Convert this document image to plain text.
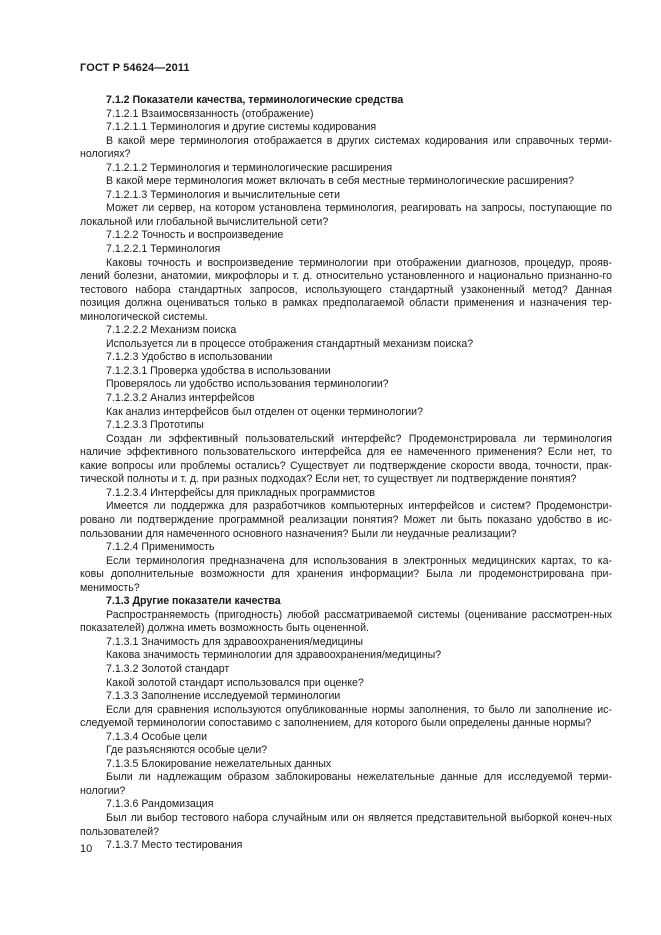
ГОСТ Р 54624—2011

7.1.2 Показатели качества, терминологические средства

7.1.2.1 Взаимосвязанность (отображение)

7.1.2.1.1 Терминология и другие системы кодирования

В какой мере терминология отображается в других системах кодирования или справочных терми-нологиях?

7.1.2.1.2 Терминология и терминологические расширения

В какой мере терминология может включать в себя местные терминологические расширения?

7.1.2.1.3 Терминология и вычислительные сети

Может ли сервер, на котором установлена терминология, реагировать на запросы, поступающие по локальной или глобальной вычислительной сети?

7.1.2.2 Точность и воспроизведение

7.1.2.2.1 Терминология

Каковы точность и воспроизведение терминологии при отображении диагнозов, процедур, прояв-лений болезни, анатомии, микрофлоры и т. д. относительно установленного и национально признанно-го тестового набора стандартных запросов, использующего стандартный узаконенный метод? Данная позиция должна оцениваться только в рамках предполагаемой области применения и назначения тер-минологической системы.

7.1.2.2.2 Механизм поиска

Используется ли в процессе отображения стандартный механизм поиска?

7.1.2.3 Удобство в использовании

7.1.2.3.1 Проверка удобства в использовании

Проверялось ли удобство использования терминологии?

7.1.2.3.2 Анализ интерфейсов

Как анализ интерфейсов был отделен от оценки терминологии?

7.1.2.3.3 Прототипы

Создан ли эффективный пользовательский интерфейс? Продемонстрировала ли терминология наличие эффективного пользовательского интерфейса для ее намеченного применения? Если нет, то какие вопросы или проблемы остались? Существует ли подтверждение скорости ввода, точности, прак-тической полноты и т. д. при разных подходах? Если нет, то существует ли подтверждение понятия?

7.1.2.3.4 Интерфейсы для прикладных программистов

Имеется ли поддержка для разработчиков компьютерных интерфейсов и систем? Продемонстри-ровано ли подтверждение программной реализации понятия? Может ли быть показано удобство в ис-пользовании для намеченного основного назначения? Были ли неудачные реализации?

7.1.2.4 Применимость

Если терминология предназначена для использования в электронных медицинских картах, то ка-ковы дополнительные возможности для хранения информации? Была ли продемонстрирована при-менимость?

7.1.3 Другие показатели качества

Распространяемость (пригодность) любой рассматриваемой системы (оценивание рассмотрен-ных показателей) должна иметь возможность быть оцененной.

7.1.3.1 Значимость для здравоохранения/медицины

Какова значимость терминологии для здравоохранения/медицины?

7.1.3.2 Золотой стандарт

Какой золотой стандарт использовался при оценке?

7.1.3.3 Заполнение исследуемой терминологии

Если для сравнения используются опубликованные нормы заполнения, то было ли заполнение ис-следуемой терминологии сопоставимо с заполнением, для которого были определены данные нормы?

7.1.3.4 Особые цели

Где разъясняются особые цели?

7.1.3.5 Блокирование нежелательных данных

Были ли надлежащим образом заблокированы нежелательные данные для исследуемой терми-нологии?

7.1.3.6 Рандомизация

Был ли выбор тестового набора случайным или он является представительной выборкой конеч-ных пользователей?

7.1.3.7 Место тестирования

10
